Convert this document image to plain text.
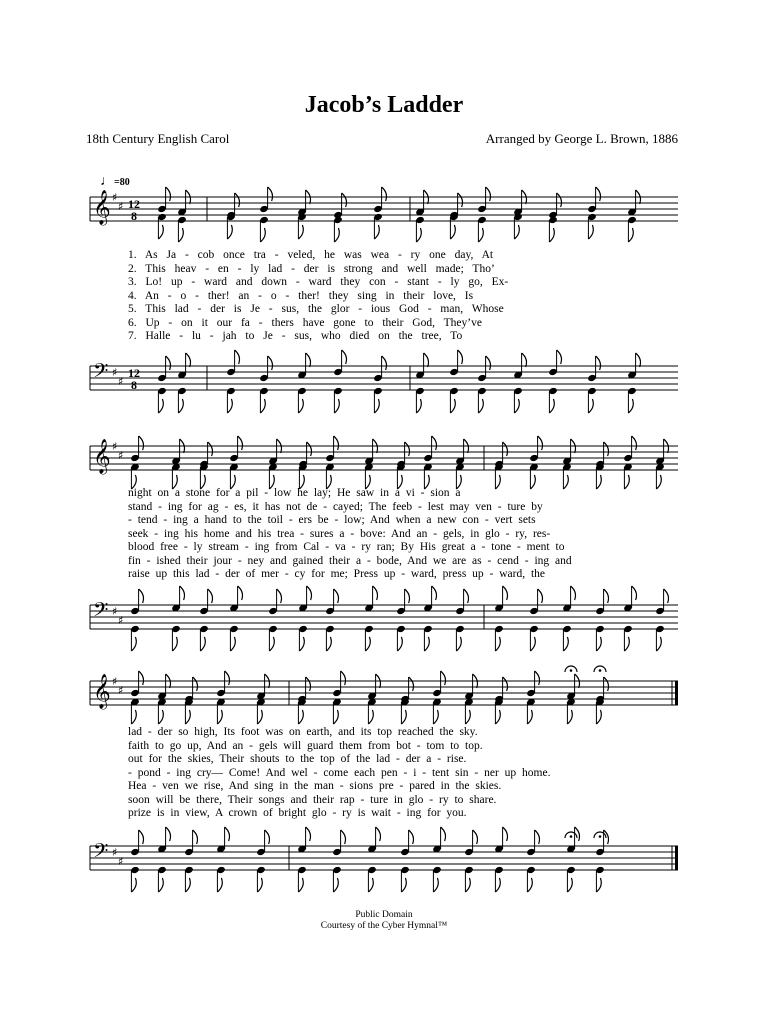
Jacob’s Ladder
18th Century English Carol	Arranged by George L. Brown, 1886
♩=80
𝄞 ♯
♯ 12
8
𝄢 ♯
♯
12
8
𝄞 ♯
♯
𝄢 ♯
♯
𝄞 ♯
♯
𝄢 ♯
♯
1. As Ja - cob once tra - veled, he was wea - ry one day, At
2. This heav - en - ly lad - der is strong and well made; Tho’
3. Lo! up - ward and down - ward they con - stant - ly go, Ex-
4. An - o - ther! an - o - ther! they sing in their love, Is
5. This lad - der is Je - sus, the glor - ious God - man, Whose
6. Up - on it our fa - thers have gone to their God, They’ve
7. Halle - lu - jah to Je - sus, who died on the tree, To
night on a stone for a pil - low he lay; He saw in a vi - sion a
stand - ing for ag - es, it has not de - cayed; The feeb - lest may ven - ture by
- tend - ing a hand to the toil - ers be - low; And when a new con - vert sets
seek - ing his home and his trea - sures a - bove: And an - gels, in glo - ry, res-
blood free - ly stream - ing from Cal - va - ry ran; By His great a - tone - ment to
fin - ished their jour - ney and gained their a - bode, And we are as - cend - ing and
raise up this lad - der of mer - cy for me; Press up - ward, press up - ward, the
lad - der so high, Its foot was on earth, and its top reached the sky.
faith to go up, And an - gels will guard them from bot - tom to top.
out for the skies, Their shouts to the top of the lad - der a - rise.
- pond - ing cry— Come! And wel - come each pen - i - tent sin - ner up home.
Hea - ven we rise, And sing in the man - sions pre - pared in the skies.
soon will be there, Their songs and their rap - ture in glo - ry to share.
prize is in view, A crown of bright glo - ry is wait - ing for you.
Public Domain
Courtesy of the Cyber Hymnal™
